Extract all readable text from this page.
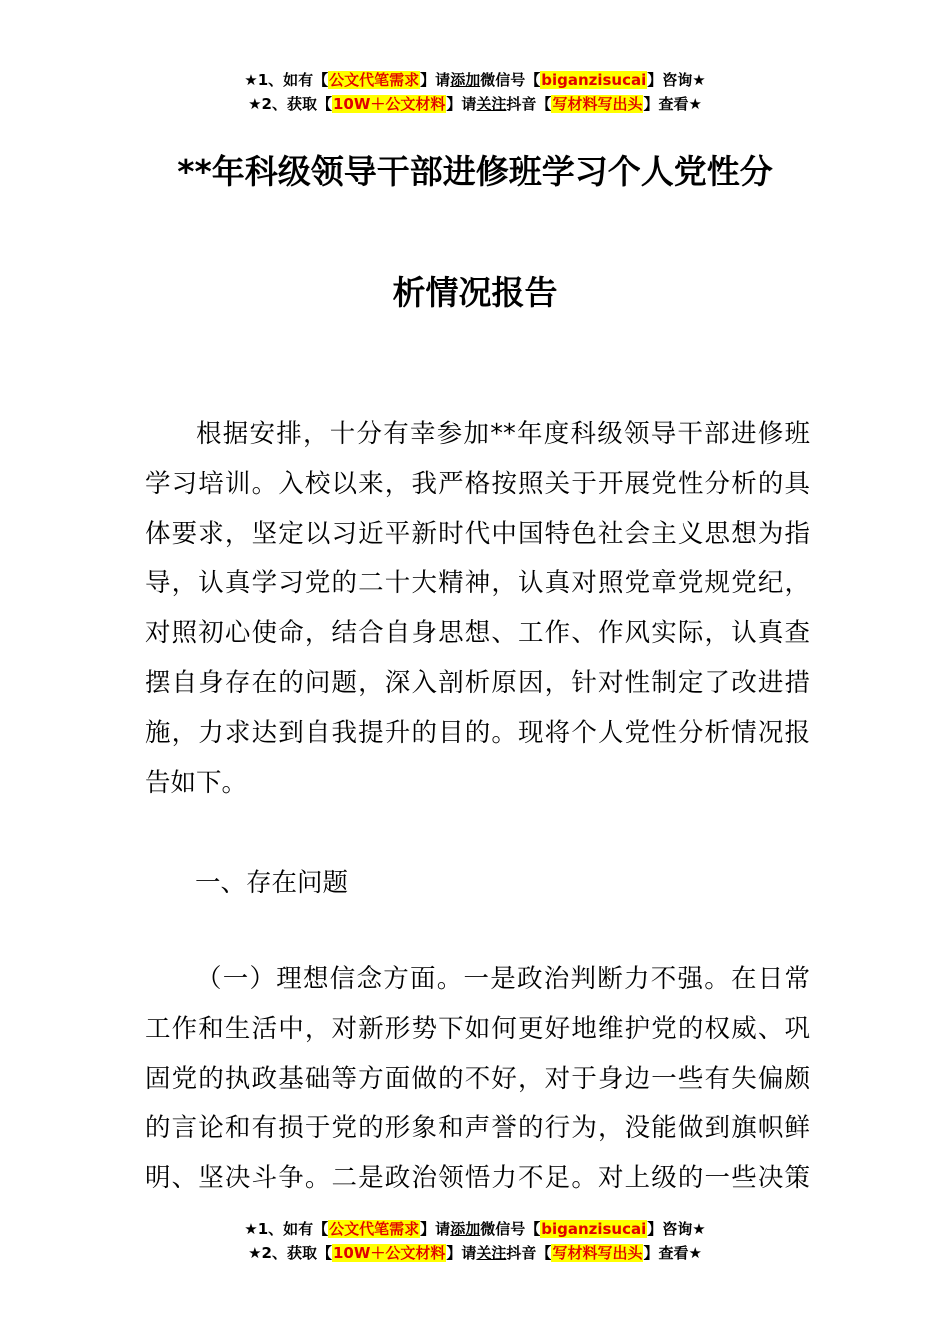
★1、如有【公文代笔需求】请添加微信号【biganzisucai】咨询★
★2、获取【10W＋公文材料】请关注抖音【写材料写出头】查看★
**年科级领导干部进修班学习个人党性分
析情况报告
根据安排，十分有幸参加**年度科级领导干部进修班
学习培训。入校以来，我严格按照关于开展党性分析的具
体要求，坚定以习近平新时代中国特色社会主义思想为指
导，认真学习党的二十大精神，认真对照党章党规党纪，
对照初心使命，结合自身思想、工作、作风实际，认真查
摆自身存在的问题，深入剖析原因，针对性制定了改进措
施，力求达到自我提升的目的。现将个人党性分析情况报
告如下。
一、存在问题
（一）理想信念方面。一是政治判断力不强。在日常
工作和生活中，对新形势下如何更好地维护党的权威、巩
固党的执政基础等方面做的不好，对于身边一些有失偏颇
的言论和有损于党的形象和声誉的行为，没能做到旗帜鲜
明、坚决斗争。二是政治领悟力不足。对上级的一些决策
★1、如有【公文代笔需求】请添加微信号【biganzisucai】咨询★
★2、获取【10W＋公文材料】请关注抖音【写材料写出头】查看★
